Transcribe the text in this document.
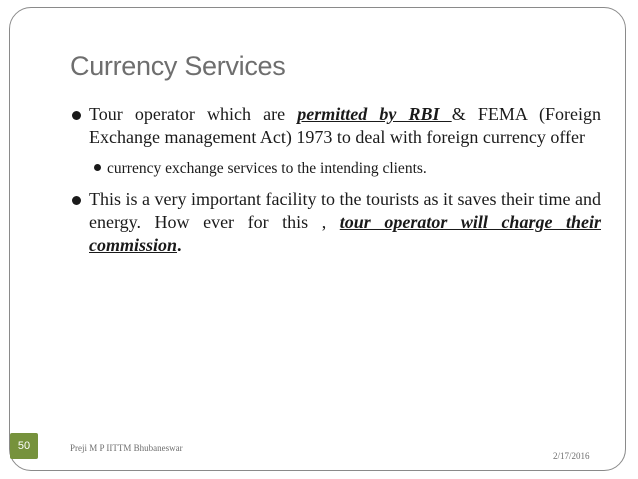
Currency Services
Tour operator which are permitted by RBI & FEMA (Foreign Exchange management Act) 1973 to deal with foreign currency offer
currency exchange services to the intending clients.
This is a very important facility to the tourists as it saves their time and energy. How ever for this , tour operator will charge their commission.
50	Preji M P IITTM Bhubaneswar
2/17/2016
